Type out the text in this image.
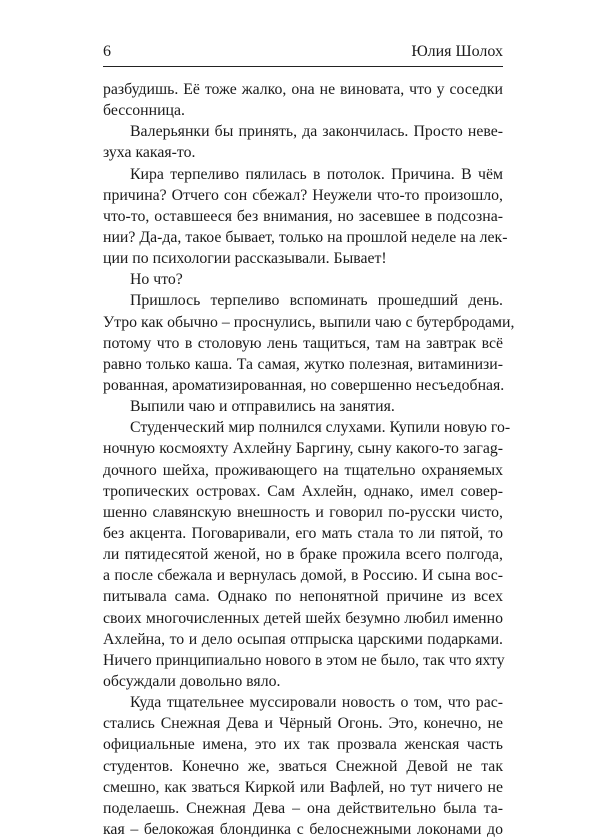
6	Юлия Шолох
разбудишь. Её тоже жалко, она не виновата, что у соседки
бессонница.
Валерьянки бы принять, да закончилась. Просто неве-
зуха какая-то.
Кира терпеливо пялилась в потолок. Причина. В чём
причина? Отчего сон сбежал? Неужели что-то произошло,
что-то, оставшееся без внимания, но засевшее в подсозна-
нии? Да-да, такое бывает, только на прошлой неделе на лек-
ции по психологии рассказывали. Бывает!
Но что?
Пришлось терпеливо вспоминать прошедший день.
Утро как обычно – проснулись, выпили чаю с бутербродами,
потому что в столовую лень тащиться, там на завтрак всё
равно только каша. Та самая, жутко полезная, витаминизи-
рованная, ароматизированная, но совершенно несъедобная.
Выпили чаю и отправились на занятия.
Студенческий мир полнился слухами. Купили новую го-
ночную космояхту Ахлейну Баргину, сыну какого-то загаg-
дочного шейха, проживающего на тщательно охраняемых
тропических островах. Сам Ахлейн, однако, имел совер-
шенно славянскую внешность и говорил по-русски чисто,
без акцента. Поговаривали, его мать стала то ли пятой, то
ли пятидесятой женой, но в браке прожила всего полгода,
а после сбежала и вернулась домой, в Россию. И сына вос-
питывала сама. Однако по непонятной причине из всех
своих многочисленных детей шейх безумно любил именно
Ахлейна, то и дело осыпая отпрыска царскими подарками.
Ничего принципиально нового в этом не было, так что яхту
обсуждали довольно вяло.
Куда тщательнее муссировали новость о том, что рас-
стались Снежная Дева и Чёрный Огонь. Это, конечно, не
официальные имена, это их так прозвала женская часть
студентов. Конечно же, зваться Снежной Девой не так
смешно, как зваться Киркой или Вафлей, но тут ничего не
поделаешь. Снежная Дева – она действительно была та-
кая – белокожая блондинка с белоснежными локонами до
